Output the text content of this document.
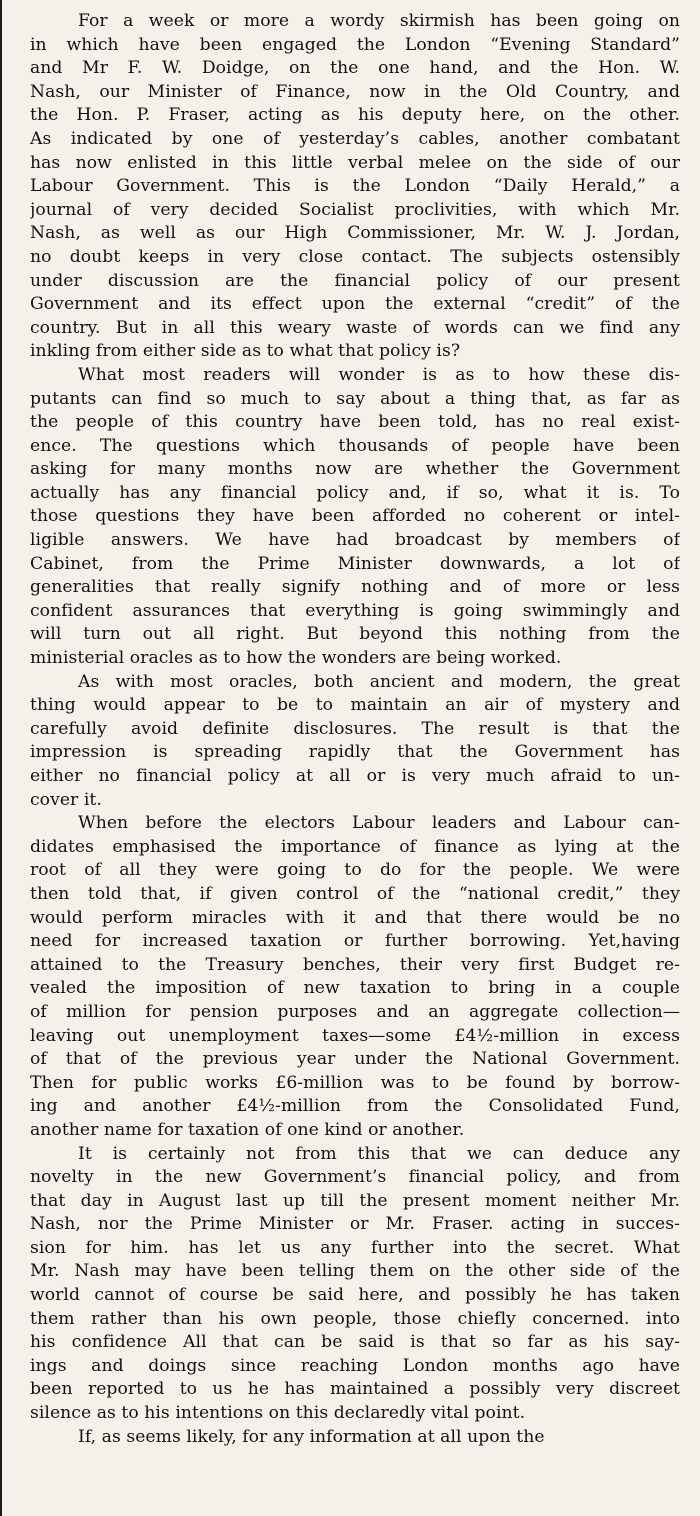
For a week or more a wordy skirmish has been going on
in which have been engaged the London “Evening Standard”
and Mr F. W. Doidge, on the one hand, and the Hon. W.
Nash, our Minister of Finance, now in the Old Country, and
the Hon. P. Fraser, acting as his deputy here, on the other.
As indicated by one of yesterday’s cables, another combatant
has now enlisted in this little verbal melee on the side of our
Labour Government. This is the London “Daily Herald,” a
journal of very decided Socialist proclivities, with which Mr.
Nash, as well as our High Commissioner, Mr. W. J. Jordan,
no doubt keeps in very close contact. The subjects ostensibly
under discussion are the financial policy of our present
Government and its effect upon the external “credit” of the
country. But in all this weary waste of words can we find any
inkling from either side as to what that policy is?
What most readers will wonder is as to how these dis-
putants can find so much to say about a thing that, as far as
the people of this country have been told, has no real exist-
ence. The questions which thousands of people have been
asking for many months now are whether the Government
actually has any financial policy and, if so, what it is. To
those questions they have been afforded no coherent or intel-
ligible answers. We have had broadcast by members of
Cabinet, from the Prime Minister downwards, a lot of
generalities that really signify nothing and of more or less
confident assurances that everything is going swimmingly and
will turn out all right. But beyond this nothing from the
ministerial oracles as to how the wonders are being worked.
As with most oracles, both ancient and modern, the great
thing would appear to be to maintain an air of mystery and
carefully avoid definite disclosures. The result is that the
impression is spreading rapidly that the Government has
either no financial policy at all or is very much afraid to un-
cover it.
When before the electors Labour leaders and Labour can-
didates emphasised the importance of finance as lying at the
root of all they were going to do for the people. We were
then told that, if given control of the “national credit,” they
would perform miracles with it and that there would be no
need for increased taxation or further borrowing. Yet,having
attained to the Treasury benches, their very first Budget re-
vealed the imposition of new taxation to bring in a couple
of million for pension purposes and an aggregate collection—
leaving out unemployment taxes—some £4½-million in excess
of that of the previous year under the National Government.
Then for public works £6-million was to be found by borrow-
ing and another £4½-million from the Consolidated Fund,
another name for taxation of one kind or another.
It is certainly not from this that we can deduce any
novelty in the new Government’s financial policy, and from
that day in August last up till the present moment neither Mr.
Nash, nor the Prime Minister or Mr. Fraser. acting in succes-
sion for him. has let us any further into the secret. What
Mr. Nash may have been telling them on the other side of the
world cannot of course be said here, and possibly he has taken
them rather than his own people, those chiefly concerned. into
his confidence All that can be said is that so far as his say-
ings and doings since reaching London months ago have
been reported to us he has maintained a possibly very discreet
silence as to his intentions on this declaredly vital point.
If, as seems likely, for any information at all upon the
